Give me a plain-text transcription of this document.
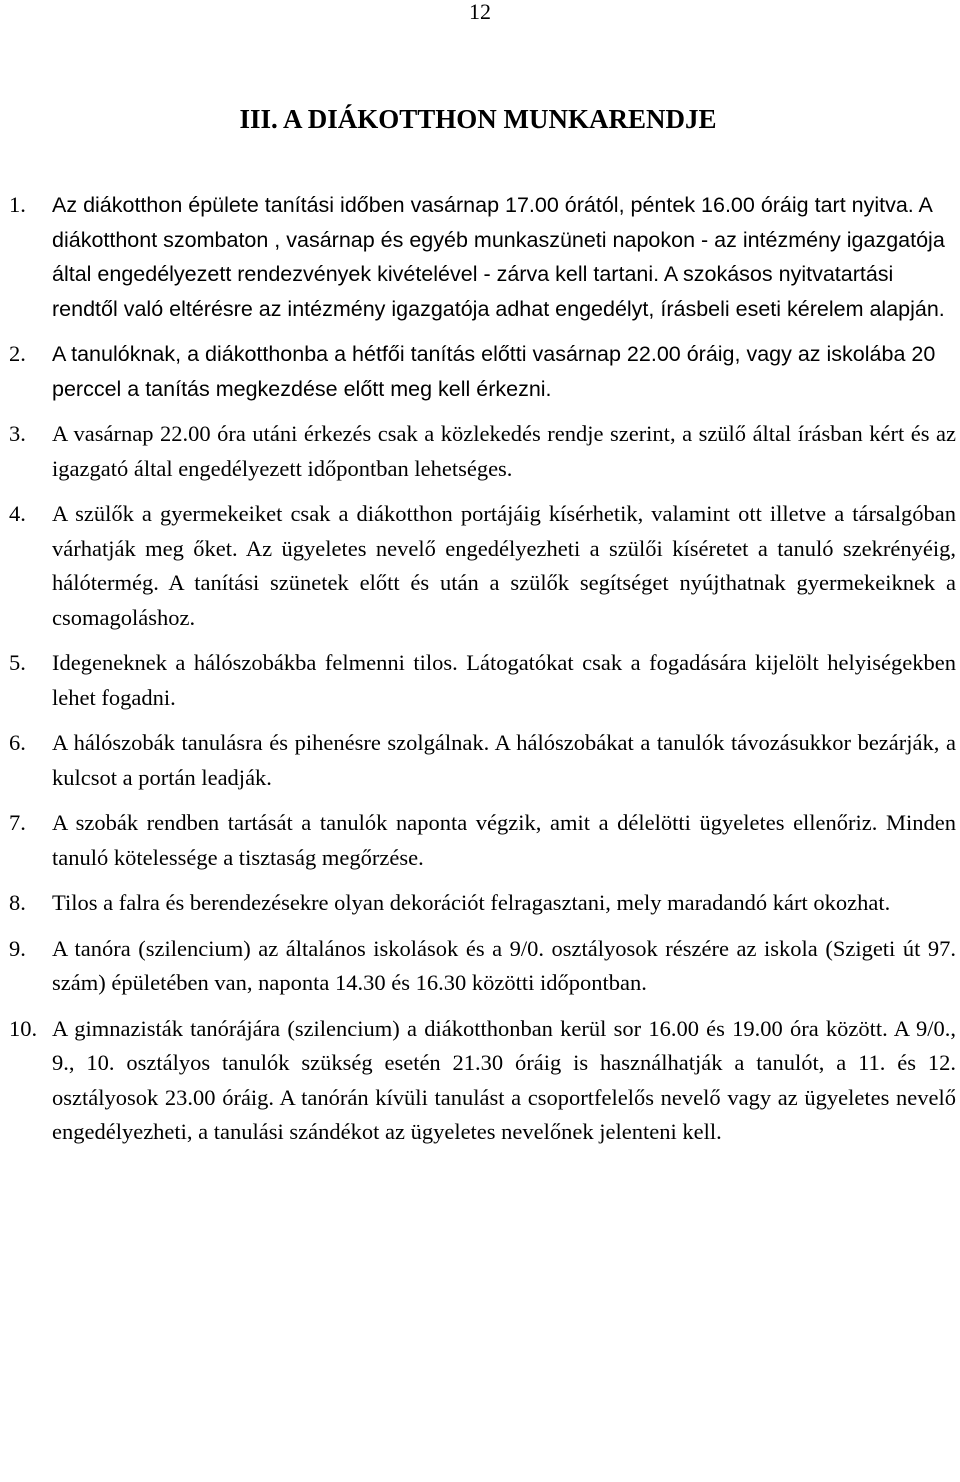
12
III. A DIÁKOTTHON MUNKARENDJE
1. Az diákotthon épülete tanítási időben vasárnap 17.00 órától, péntek 16.00 óráig tart nyitva. A diákotthont szombaton , vasárnap és egyéb munkaszüneti napokon - az intézmény igazgatója által engedélyezett rendezvények kivételével - zárva kell tartani. A szokásos nyitvatartási rendtől való eltérésre az intézmény igazgatója adhat engedélyt, írásbeli eseti kérelem alapján.
2. A tanulóknak, a diákotthonba a hétfői tanítás előtti vasárnap 22.00 óráig, vagy az iskolába 20 perccel a tanítás megkezdése előtt meg kell érkezni.
3. A vasárnap 22.00 óra utáni érkezés csak a közlekedés rendje szerint, a szülő által írásban kért és az igazgató által engedélyezett időpontban lehetséges.
4. A szülők a gyermekeiket csak a diákotthon portájáig kísérhetik, valamint ott illetve a társalgóban várhatják meg őket. Az ügyeletes nevelő engedélyezheti a szülői kíséretet a tanuló szekrényéig, hálótermég. A tanítási szünetek előtt és után a szülők segítséget nyújthatnak gyermekeiknek a csomagoláshoz.
5. Idegeneknek a hálószobákba felmenni tilos. Látogatókat csak a fogadására kijelölt helyiségekben lehet fogadni.
6. A hálószobák tanulásra és pihenésre szolgálnak. A hálószobákat a tanulók távozásukkor bezárják, a kulcsot a portán leadják.
7. A szobák rendben tartását a tanulók naponta végzik, amit a délelötti ügyeletes ellenőriz. Minden tanuló kötelessége a tisztaság megőrzése.
8. Tilos a falra és berendezésekre olyan dekorációt felragasztani, mely maradandó kárt okozhat.
9. A tanóra (szilencium) az általános iskolások és a 9/0. osztályosok részére az iskola (Szigeti út 97. szám) épületében van, naponta 14.30 és 16.30 közötti időpontban.
10. A gimnazisták tanórájára (szilencium) a diákotthonban kerül sor 16.00 és 19.00 óra között. A 9/0., 9., 10. osztályos tanulók szükség esetén 21.30 óráig is használhatják a tanulót, a 11. és 12. osztályosok 23.00 óráig. A tanórán kívüli tanulást a csoportfelelős nevelő vagy az ügyeletes nevelő engedélyezheti, a tanulási szándékot az ügyeletes nevelőnek jelenteni kell.
